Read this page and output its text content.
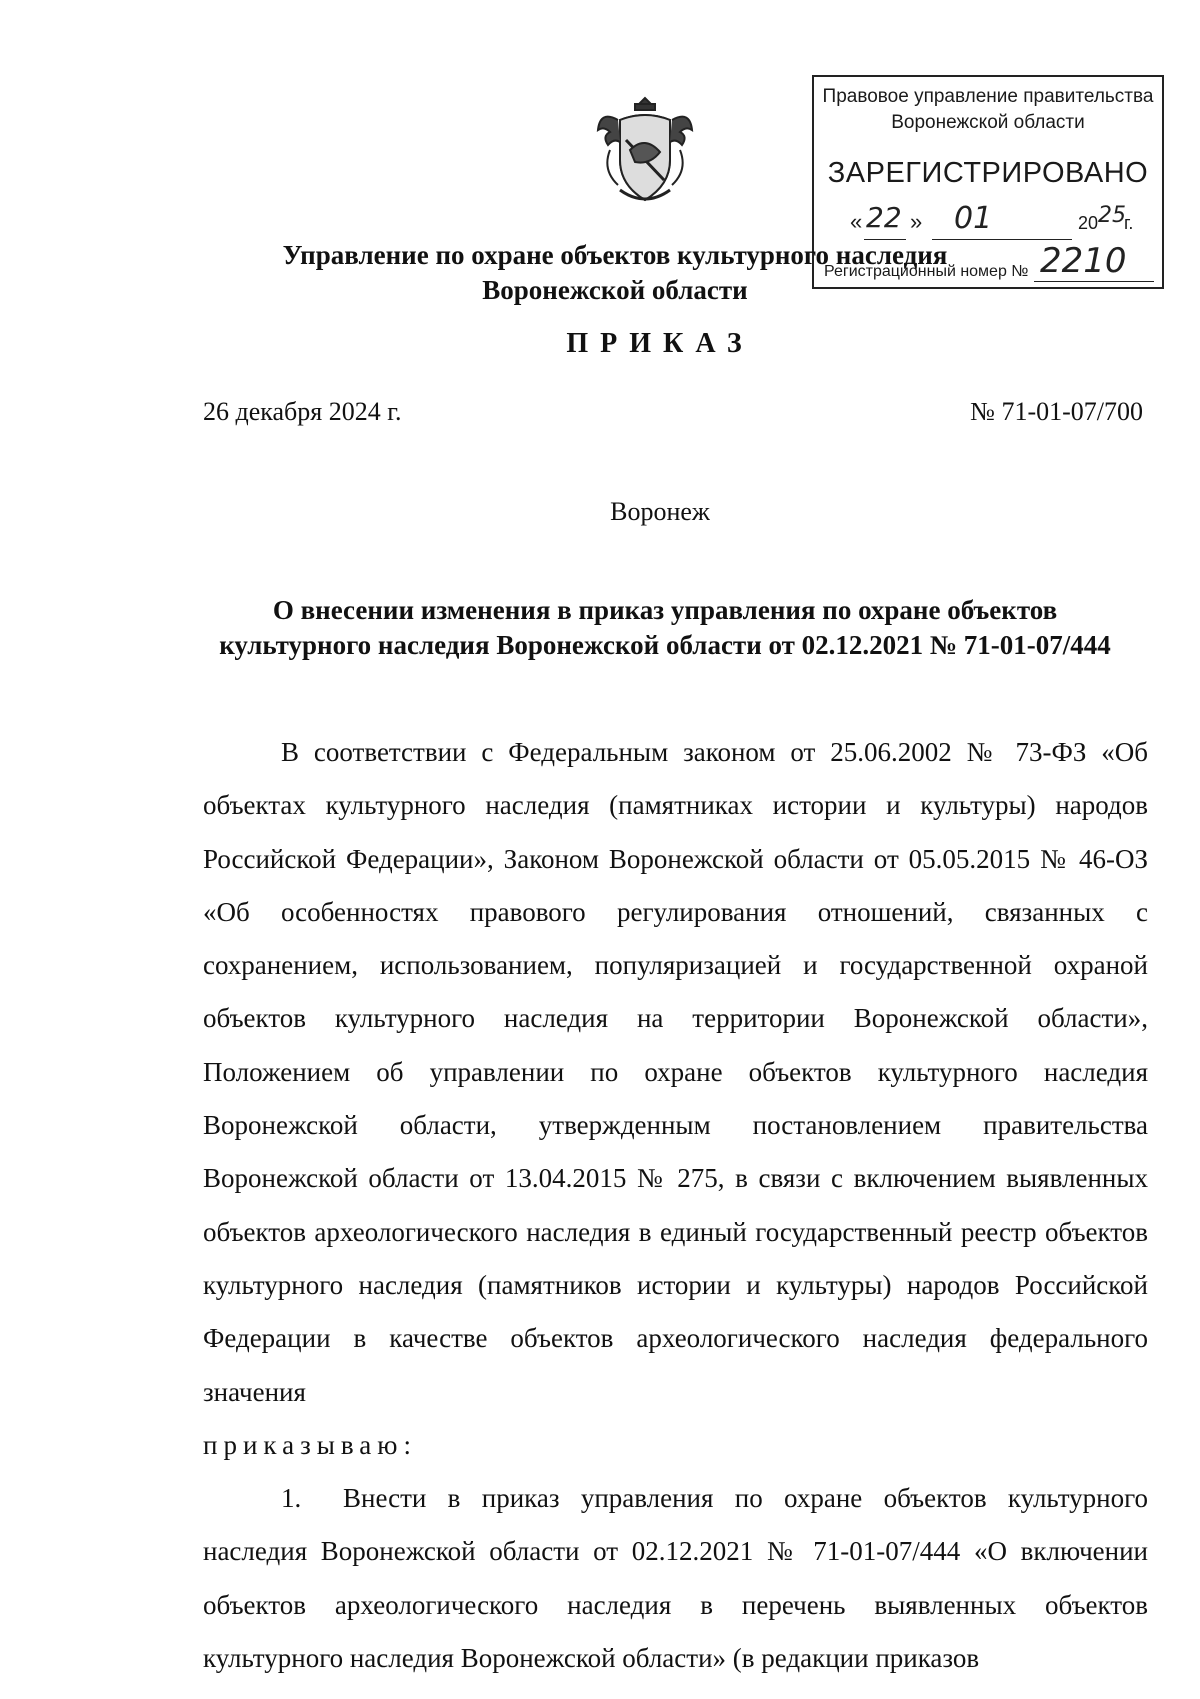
Правовое управление правительства
Воронежской области
ЗАРЕГИСТРИРОВАНО
« 22 » 01	20 25
г.
Регистрационный номер № 2210
Управление по охране объектов культурного наследия
Воронежской области
ПРИКАЗ
26 декабря 2024 г.	№ 71-01-07/700
Воронеж
О внесении изменения в приказ управления по охране объектов
культурного наследия Воронежской области от 02.12.2021 № 71-01-07/444

В соответствии с Федеральным законом от 25.06.2002 № 73-ФЗ «Об объектах культурного наследия (памятниках истории и культуры) народов Российской Федерации», Законом Воронежской области от 05.05.2015 № 46-ОЗ «Об особенностях правового регулирования отношений, связанных с сохранением, использованием, популяризацией и государственной охраной объектов культурного наследия на территории Воронежской области», Положением об управлении по охране объектов культурного наследия Воронежской области, утвержденным постановлением правительства Воронежской области от 13.04.2015 № 275, в связи с включением выявленных объектов археологического наследия в единый государственный реестр объектов культурного наследия (памятников истории и культуры) народов Российской Федерации в качестве объектов археологического наследия федерального значения

приказываю:

1. Внести в приказ управления по охране объектов культурного наследия Воронежской области от 02.12.2021 № 71-01-07/444 «О включении объектов археологического наследия в перечень выявленных объектов культурного наследия Воронежской области» (в редакции приказов
